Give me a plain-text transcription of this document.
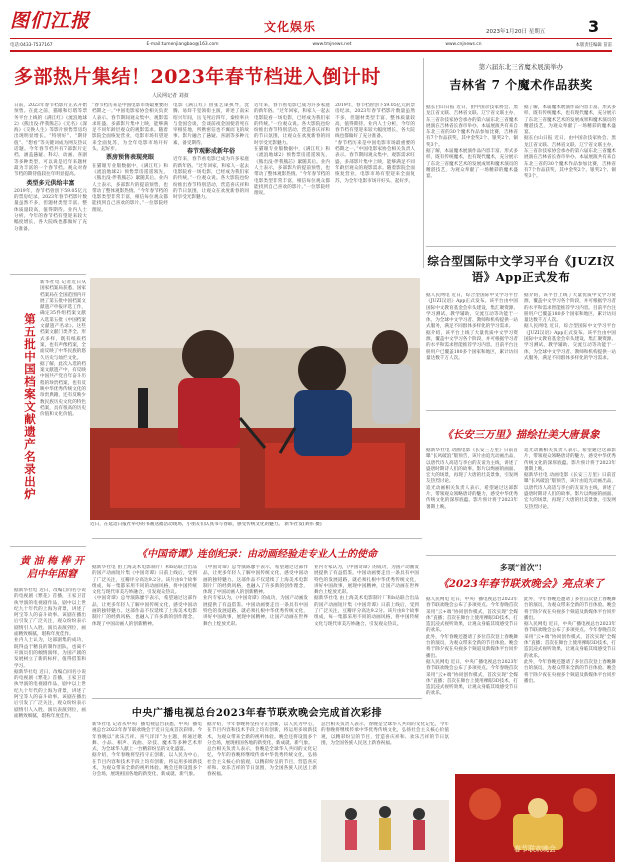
图们江报	文化娱乐	2023年1月20日 星期五	3
电话:0433-7537167	E-mail:tumenjiangbao@163.com	www.tmjnews.net	www.cnjnews.cn	本版责任编辑 苗雷
多部热片集结！2023年春节档进入倒计时
人民网记者 刘叔

日前，2023年春节档影片正式开始预售。在此之前，猫眼和灯塔等票务平台上线的《满江红》《流浪地球2》《熊出没·伴我熊芯》《无名》《深海》《交换人生》等影片预售票房均出现明显增长。“特别好”、“期待值”、“想看”等关键词成为网友热议话题。今年春节档共有7部影片定档，涵盖悬疑、科幻、动画、喜剧等多种类型，可以说是近年来题材最为丰富的一个春节档。观众对春节档的期待值较往年明显提高。

类型多元供给丰富

2019年，春节档曾创下59.05亿元的票房纪录。2023年春节档影片数量虽然不多，但题材类型丰富、整体质量较高，值得期待。业内人士分析，今年的春节档有望迎来较大幅度增长，各大院线也都做好了充分准备。

“春节档历来是中国电影市场最重要的档期之一。”中国电影家协会相关负责人表示。春节期间观众集中、观影需求旺盛，多部影片集中上映，能够满足不同年龄层观众的观影需求。随着影院全面恢复营业，电影市场有望迎来全面复苏，为全年电影市场开好头、起好步。

票房预售表现亮眼

在猫眼专业版数据中，《满江红》和《流浪地球2》预售票房遥遥领先，《熊出没·伴我熊芯》紧随其后。业内人士表示，多部影片的提前预售，也带动了整体观影热情。“今年春节档的电影类型非常丰富，相信每位观众都能找到自己喜欢的影片。”一位影院经理说。

电影《满江红》由张艺谋执导，沈腾、易烊千玺领衔主演，讲述了南宋绍兴年间，岳飞死后四年，秦桧率兵与金国会谈，会谈前夜金国使者死在宰相驻地，所携密信也不翼而飞的故事。影片融合了悬疑、喜剧等多种元素，备受期待。

春节观影成新年俗

近年来，春节看电影已成为许多家庭的新年俗。“过年回家，和家人一起去电影院看一场电影，已经成为我们家的传统。”一位观众说。各大影院也纷纷推出春节特别活动，营造喜庆祥和的节日氛围，让观众在欢度新春的同时享受光影魅力。

近年来，春节看电影已成为许多家庭的新年俗。“过年回家，和家人一起去电影院看一场电影，已经成为我们家的传统。”一位观众说。各大影院也纷纷推出春节特别活动，营造喜庆祥和的节日氛围，让观众在欢度新春的同时享受光影魅力。

在猫眼专业版数据中，《满江红》和《流浪地球2》预售票房遥遥领先，《熊出没·伴我熊芯》紧随其后。业内人士表示，多部影片的提前预售，也带动了整体观影热情。“今年春节档的电影类型非常丰富，相信每位观众都能找到自己喜欢的影片。”一位影院经理说。

2019年，春节档曾创下59.05亿元的票房纪录。2023年春节档影片数量虽然不多，但题材类型丰富、整体质量较高，值得期待。业内人士分析，今年的春节档有望迎来较大幅度增长，各大院线也都做好了充分准备。

“春节档历来是中国电影市场最重要的档期之一。”中国电影家协会相关负责人表示。春节期间观众集中、观影需求旺盛，多部影片集中上映，能够满足不同年龄层观众的观影需求。随着影院全面恢复营业，电影市场有望迎来全面复苏，为全年电影市场开好头、起好步。

第五批中国档案文献遗产名录出炉

新华社电 记者近日从国家档案局获悉，国家档案局在全国范围内开展了第五批中国档案文献遗产申报评选工作，确定35件组档案文献入选第五批《中国档案文献遗产名录》。这些档案文献门类齐全、形式多样，既有纸质档案，也有声像档案，全面反映了中华民族的悠久历史与灿烂文化。

据了解，此次入选的档案文献遗产中，有反映中国共产党百年奋斗历程的珍贵档案，也有反映中华优秀传统文化的珍贵典籍，还有反映少数民族历史文化的特色档案，具有很高的历史价值和文化价值。

近日，在延边日报社举办的书画送福活动现场，小朋友们认真书写春联，感受传统文化的魅力。 新华社发(刘伟 摄)
黄 油 梅 桦 开启中年困窘

据新华社电 近日，改编自同名小说的电视剧《繁花》首播，王家卫首执导演的电视剧作品，剧中以上世纪九十年代的上海为背景，讲述了阿宝等人的奋斗故事。该剧在播出后引发了广泛关注，观众纷纷表示剧情引人入胜、演员表演到位，画面精致细腻，堪称年度佳作。

业内人士认为，这部剧集的成功，既得益于精良的制作团队，也离不开演员们的倾情演绎，为国产剧的发展树立了新的标杆，值得借鉴和学习。

据新华社电 近日，改编自同名小说的电视剧《繁花》首播，王家卫首执导演的电视剧作品，剧中以上世纪九十年代的上海为背景，讲述了阿宝等人的奋斗故事。该剧在播出后引发了广泛关注，观众纷纷表示剧情引人入胜、演员表演到位，画面精致细腻，堪称年度佳作。

《中国奇谭》连创纪录：由动画经验走专业人士的使命

据新华社电 由上海美术电影制片厂和b站联合出品的国产动画短片集《中国奇谭》日前上线后，受到了广泛关注，豆瓣评分高达9.2分。该片由8个故事组成，每一集都采用不同的动画风格，将中国传统文化与现代审美巧妙融合，引发观众热议。

《中国奇谭》总导演陈廖宇表示，希望通过这部作品，让更多年轻人了解中国传统文化，感受中国动画的独特魅力。这部作品不仅延续了上海美术电影制片厂的经典风格，也融入了许多新的创作理念，体现了中国动画人的创新精神。

《中国奇谭》总导演陈廖宇表示，希望通过这部作品，让更多年轻人了解中国传统文化，感受中国动画的独特魅力。这部作品不仅延续了上海美术电影制片厂的经典风格，也融入了许多新的创作理念，体现了中国动画人的创新精神。

业内专家认为，《中国奇谭》的成功，为国产动画发展提供了有益借鉴。中国动画要走出一条具有中国特色的发展道路，就必须扎根中华优秀传统文化，讲好中国故事，展现中国精神，让国产动画在世界舞台上绽放光彩。

业内专家认为，《中国奇谭》的成功，为国产动画发展提供了有益借鉴。中国动画要走出一条具有中国特色的发展道路，就必须扎根中华优秀传统文化，讲好中国故事，展现中国精神，让国产动画在世界舞台上绽放光彩。

据新华社电 由上海美术电影制片厂和b站联合出品的国产动画短片集《中国奇谭》日前上线后，受到了广泛关注，豆瓣评分高达9.2分。该片由8个故事组成，每一集都采用不同的动画风格，将中国传统文化与现代审美巧妙融合，引发观众热议。

中央广播电视总台2023年春节联欢晚会完成首次彩排

新华社电 记者从中央广播电视总台获悉，中央广播电视总台2023年春节联欢晚会于近日完成首次彩排。今年春晚以“欢乐吉祥、喜气洋洋”为主题，将通过歌舞、小品、相声、戏曲、杂技、魔术等多种艺术形式，为全球华人献上一台精彩纷呈的文化盛宴。

据介绍，今年春晚将坚持守正创新，以人民为中心，在节目内容和技术手段上均有创新，将运用多项新技术，为观众带来全新的视听体验。晚会还将设置多个分会场，展现祖国各地的新变化、新成就、新气象。

据介绍，今年春晚将坚持守正创新，以人民为中心，在节目内容和技术手段上均有创新，将运用多项新技术，为观众带来全新的视听体验。晚会还将设置多个分会场，展现祖国各地的新变化、新成就、新气象。

总台相关负责人表示，春晚是全球华人共同的文化记忆，今年的春晚将继续传承中华优秀传统文化，弘扬社会主义核心价值观，以精彩纷呈的节目，营造喜庆祥和、欢乐吉祥的节日氛围，为全国各族人民送上新春祝福。

总台相关负责人表示，春晚是全球华人共同的文化记忆，今年的春晚将继续传承中华优秀传统文化，弘扬社会主义核心价值观，以精彩纷呈的节目，营造喜庆祥和、欢乐吉祥的节日氛围，为全国各族人民送上新春祝福。

第六届东北三省魔术展演举办
吉林省 7 个魔术作品获奖

据长白山日报 近日，由中国杂技家协会、黑龙江省文联、吉林省文联、辽宁省文联主办，东三省杂技家协会承办的第六届东北三省魔术展演在吉林省长春市举办。本届展演共有来自东北三省的30个魔术作品参加比赛，吉林省有7个作品获奖，其中金奖2个、银奖2个、铜奖3个。

据了解，本届魔术展演作品内容丰富、形式多样，既有传统魔术，也有现代魔术，充分展示了东北三省魔术艺术的发展成果和魔术演员的精湛技艺，为观众奉献了一场精彩的魔术盛宴。

据了解，本届魔术展演作品内容丰富、形式多样，既有传统魔术，也有现代魔术，充分展示了东北三省魔术艺术的发展成果和魔术演员的精湛技艺，为观众奉献了一场精彩的魔术盛宴。

据长白山日报 近日，由中国杂技家协会、黑龙江省文联、吉林省文联、辽宁省文联主办，东三省杂技家协会承办的第六届东北三省魔术展演在吉林省长春市举办。本届展演共有来自东北三省的30个魔术作品参加比赛，吉林省有7个作品获奖，其中金奖2个、银奖2个、铜奖3个。

综合型国际中文学习平台《JUZI汉语》App正式发布

据人民网电 近日，综合型国际中文学习平台《JUZI汉语》App正式发布。该平台由中国国际中文教育基金会牵头建设，集汇聚资源、学习测试、教学辅助、交流互动等功能于一体，为全球中文学习者、教师和机构提供一站式服务，满足不同群体多样化的学习需求。

据介绍，该平台上线了大量优质中文学习资源，覆盖中文学习各个阶段，并可根据学习者的水平和需求智能推荐学习内容。目前平台注册用户已覆盖180多个国家和地区，累计访问量达数千万人次。

据介绍，该平台上线了大量优质中文学习资源，覆盖中文学习各个阶段，并可根据学习者的水平和需求智能推荐学习内容。目前平台注册用户已覆盖180多个国家和地区，累计访问量达数千万人次。

据人民网电 近日，综合型国际中文学习平台《JUZI汉语》App正式发布。该平台由中国国际中文教育基金会牵头建设，集汇聚资源、学习测试、教学辅助、交流互动等功能于一体，为全球中文学习者、教师和机构提供一站式服务，满足不同群体多样化的学习需求。

《长安三万里》描绘壮美大唐景象

据新华社电 动画电影《长安三万里》日前首曝“长风破浪”版预告，该片由追光动画出品，以唐代诗人高适与李白的友谊为主线，讲述了盛唐时期诗人们的故事。影片以绚丽的画面、宏大的场景，再现了大唐的壮美景象，引发网友热烈讨论。

追光动画相关负责人表示，希望通过这部影片，带领观众领略唐诗的魅力，感受中华优秀传统文化的深厚底蕴。影片预计将于2023年暑期上映。

追光动画相关负责人表示，希望通过这部影片，带领观众领略唐诗的魅力，感受中华优秀传统文化的深厚底蕴。影片预计将于2023年暑期上映。

据新华社电 动画电影《长安三万里》日前首曝“长风破浪”版预告，该片由追光动画出品，以唐代诗人高适与李白的友谊为主线，讲述了盛唐时期诗人们的故事。影片以绚丽的画面、宏大的场景，再现了大唐的壮美景象，引发网友热烈讨论。

多项“首次”!
《2023年春节联欢晚会》亮点来了

据人民网电 近日，中央广播电视总台2023年春节联欢晚会公布了多项亮点。今年春晚首次采用“云+端”协同创作模式，首次实现“全媒体”直播；首次在舞台上使用裸眼3D技术，打造沉浸式视听效果，让观众身临其境感受节日的欢乐。

此外，今年春晚还邀请了多位首次登上春晚舞台的演员，为观众带来全新的节目体验。晚会将于除夕夜在央视多个频道及新媒体平台同步播出。

据人民网电 近日，中央广播电视总台2023年春节联欢晚会公布了多项亮点。今年春晚首次采用“云+端”协同创作模式，首次实现“全媒体”直播；首次在舞台上使用裸眼3D技术，打造沉浸式视听效果，让观众身临其境感受节日的欢乐。

此外，今年春晚还邀请了多位首次登上春晚舞台的演员，为观众带来全新的节目体验。晚会将于除夕夜在央视多个频道及新媒体平台同步播出。

据人民网电 近日，中央广播电视总台2023年春节联欢晚会公布了多项亮点。今年春晚首次采用“云+端”协同创作模式，首次实现“全媒体”直播；首次在舞台上使用裸眼3D技术，打造沉浸式视听效果，让观众身临其境感受节日的欢乐。

此外，今年春晚还邀请了多位首次登上春晚舞台的演员，为观众带来全新的节目体验。晚会将于除夕夜在央视多个频道及新媒体平台同步播出。

春节联欢晚会
